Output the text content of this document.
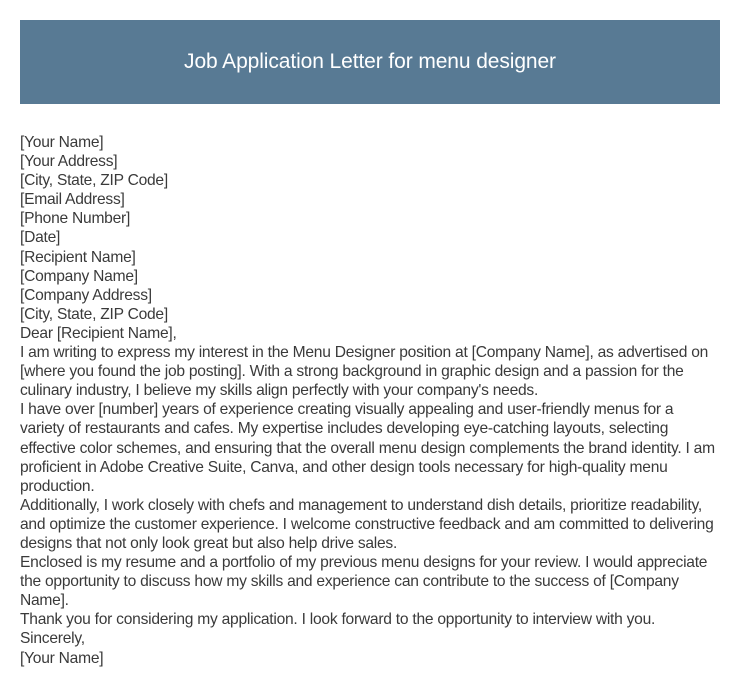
Job Application Letter for menu designer

[Your Name]

[Your Address]

[City, State, ZIP Code]

[Email Address]

[Phone Number]

[Date]

[Recipient Name]

[Company Name]

[Company Address]

[City, State, ZIP Code]

Dear [Recipient Name],

I am writing to express my interest in the Menu Designer position at [Company Name], as advertised on [where you found the job posting]. With a strong background in graphic design and a passion for the culinary industry, I believe my skills align perfectly with your company's needs.

I have over [number] years of experience creating visually appealing and user-friendly menus for a variety of restaurants and cafes. My expertise includes developing eye-catching layouts, selecting effective color schemes, and ensuring that the overall menu design complements the brand identity. I am proficient in Adobe Creative Suite, Canva, and other design tools necessary for high-quality menu production.

Additionally, I work closely with chefs and management to understand dish details, prioritize readability, and optimize the customer experience. I welcome constructive feedback and am committed to delivering designs that not only look great but also help drive sales.

Enclosed is my resume and a portfolio of my previous menu designs for your review. I would appreciate the opportunity to discuss how my skills and experience can contribute to the success of [Company Name].

Thank you for considering my application. I look forward to the opportunity to interview with you.

Sincerely,

[Your Name]
